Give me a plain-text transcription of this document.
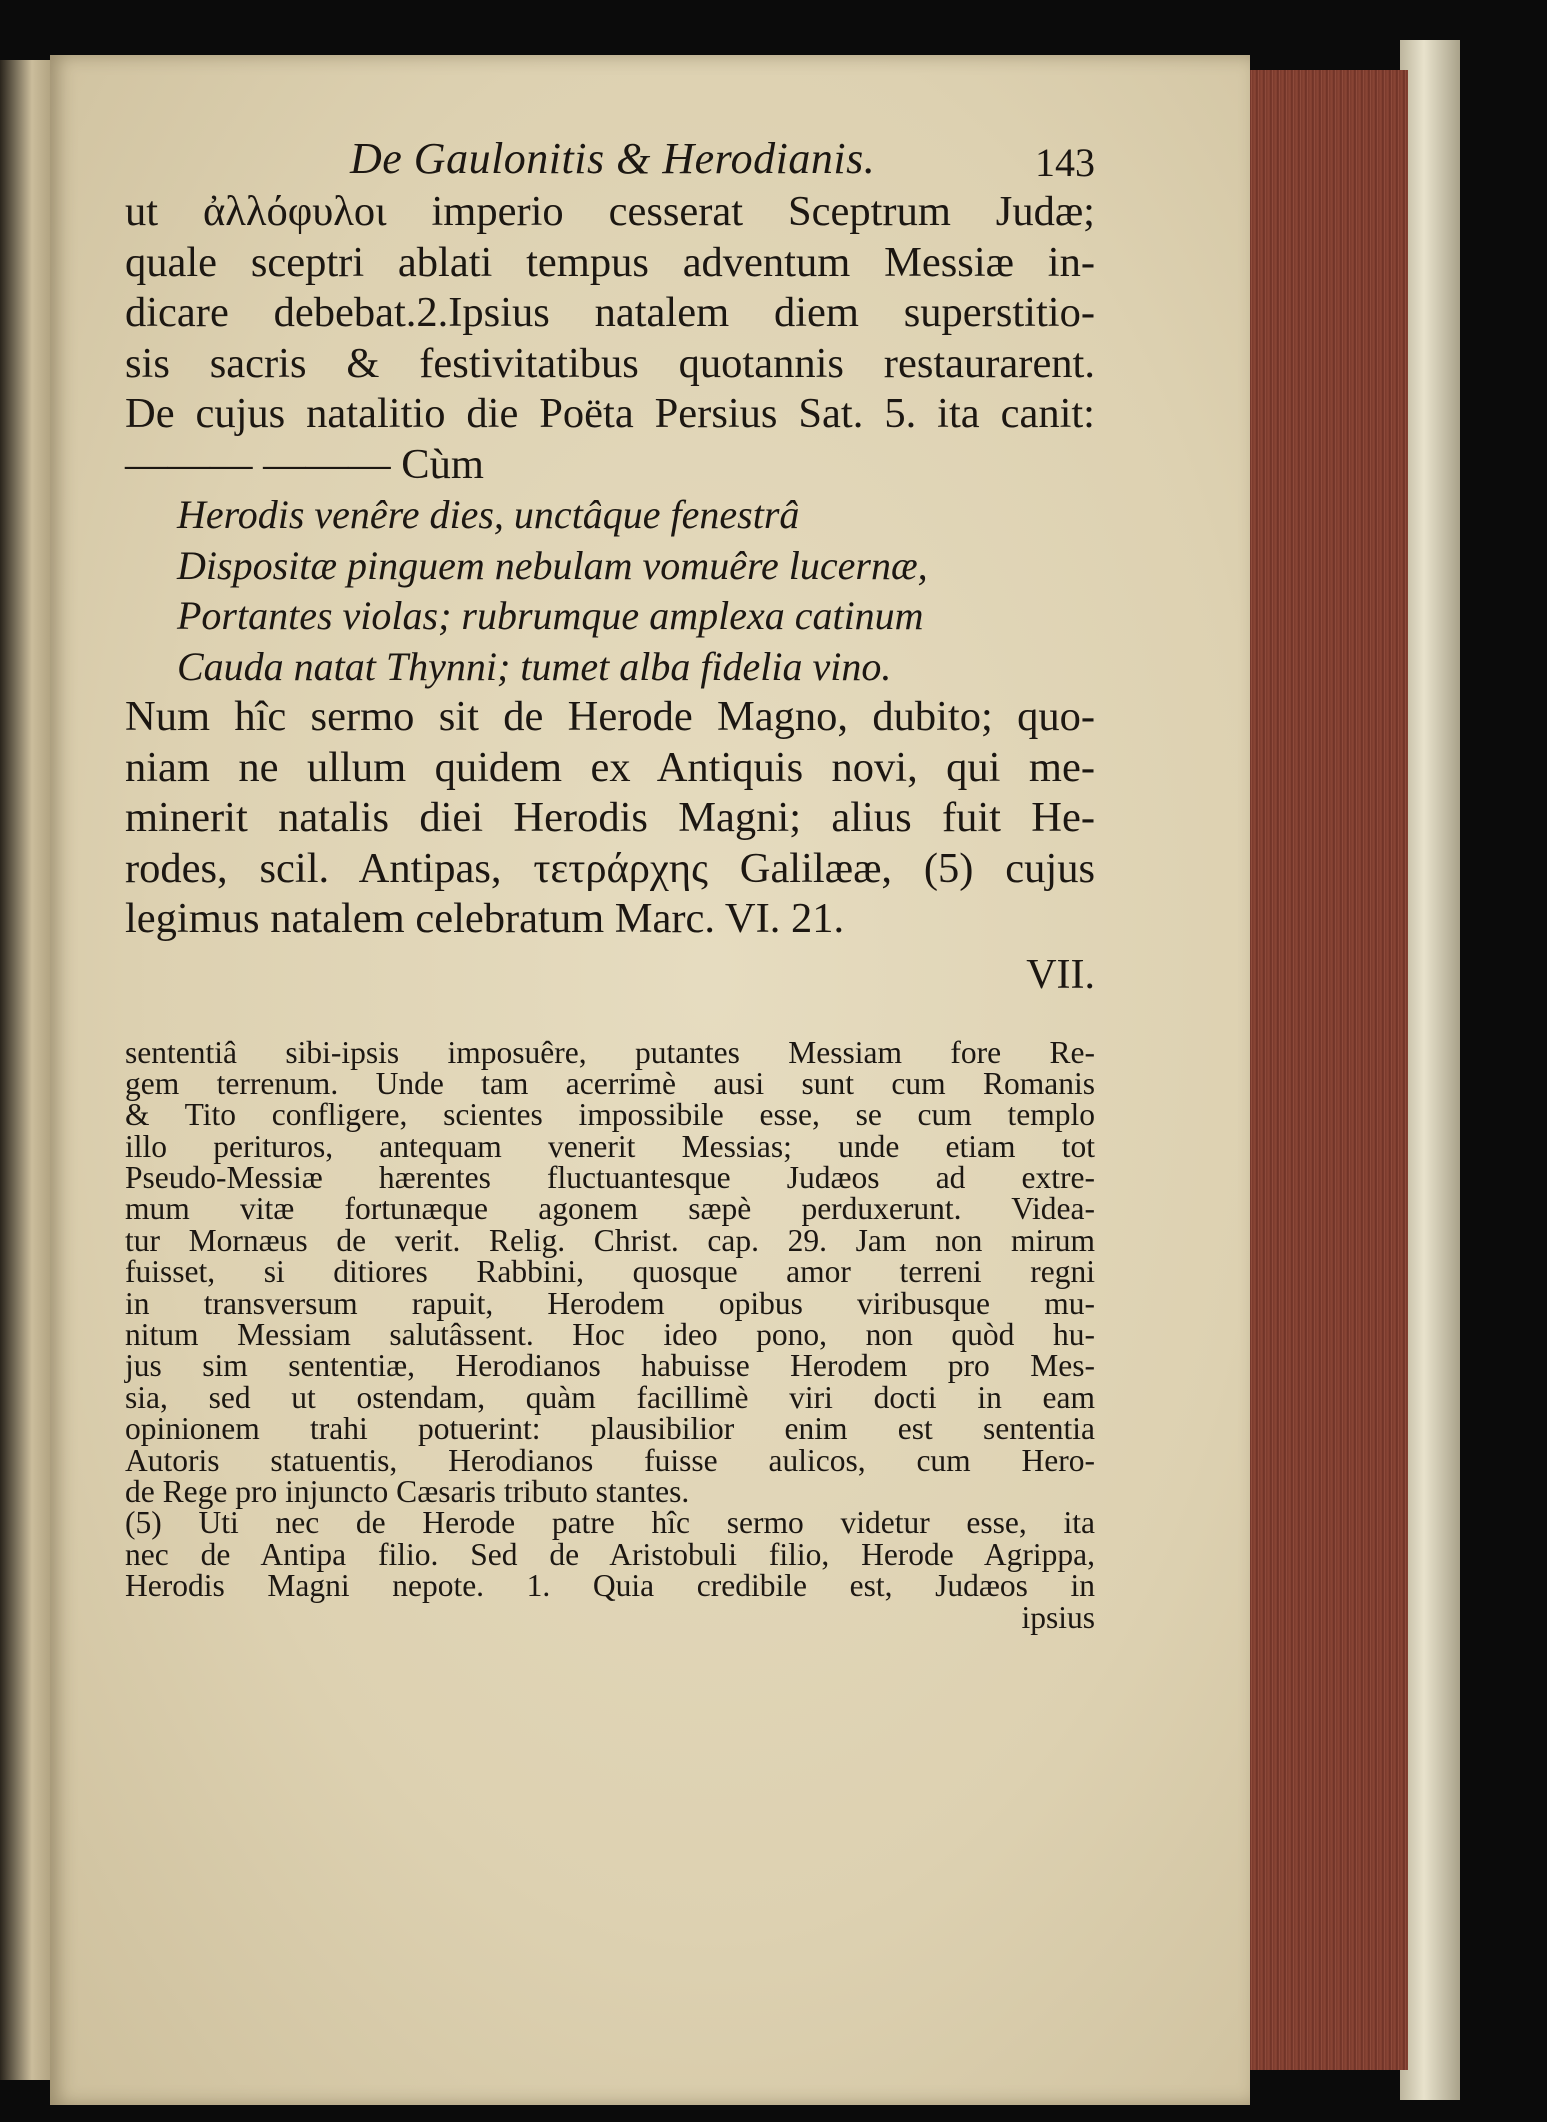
De Gaulonitis & Herodianis.	143
ut ἀλλόφυλοι imperio cesserat Sceptrum Judæ;
quale sceptri ablati tempus adventum Messiæ in-
dicare debebat.2.Ipsius natalem diem superstitio-
sis sacris & festivitatibus quotannis restaurarent.
De cujus natalitio die Poëta Persius Sat. 5. ita canit:
——— ——— Cùm
Herodis venêre dies, unctâque fenestrâ
Dispositæ pinguem nebulam vomuêre lucernæ,
Portantes violas; rubrumque amplexa catinum
Cauda natat Thynni; tumet alba fidelia vino.
Num hîc sermo sit de Herode Magno, dubito; quo-
niam ne ullum quidem ex Antiquis novi, qui me-
minerit natalis diei Herodis Magni; alius fuit He-
rodes, scil. Antipas, τετράρχης Galilææ, (5) cujus
legimus natalem celebratum Marc. VI. 21.
VII.
sententiâ sibi-ipsis imposuêre, putantes Messiam fore Re-
gem terrenum. Unde tam acerrimè ausi sunt cum Romanis
& Tito confligere, scientes impossibile esse, se cum templo
illo perituros, antequam venerit Messias; unde etiam tot
Pseudo-Messiæ hærentes fluctuantesque Judæos ad extre-
mum vitæ fortunæque agonem sæpè perduxerunt. Videa-
tur Mornæus de verit. Relig. Christ. cap. 29. Jam non mirum
fuisset, si ditiores Rabbini, quosque amor terreni regni
in transversum rapuit, Herodem opibus viribusque mu-
nitum Messiam salutâssent. Hoc ideo pono, non quòd hu-
jus sim sententiæ, Herodianos habuisse Herodem pro Mes-
sia, sed ut ostendam, quàm facillimè viri docti in eam
opinionem trahi potuerint: plausibilior enim est sententia
Autoris statuentis, Herodianos fuisse aulicos, cum Hero-
de Rege pro injuncto Cæsaris tributo stantes.
(5) Uti nec de Herode patre hîc sermo videtur esse, ita
nec de Antipa filio. Sed de Aristobuli filio, Herode Agrippa,
Herodis Magni nepote. 1. Quia credibile est, Judæos in
ipsius
